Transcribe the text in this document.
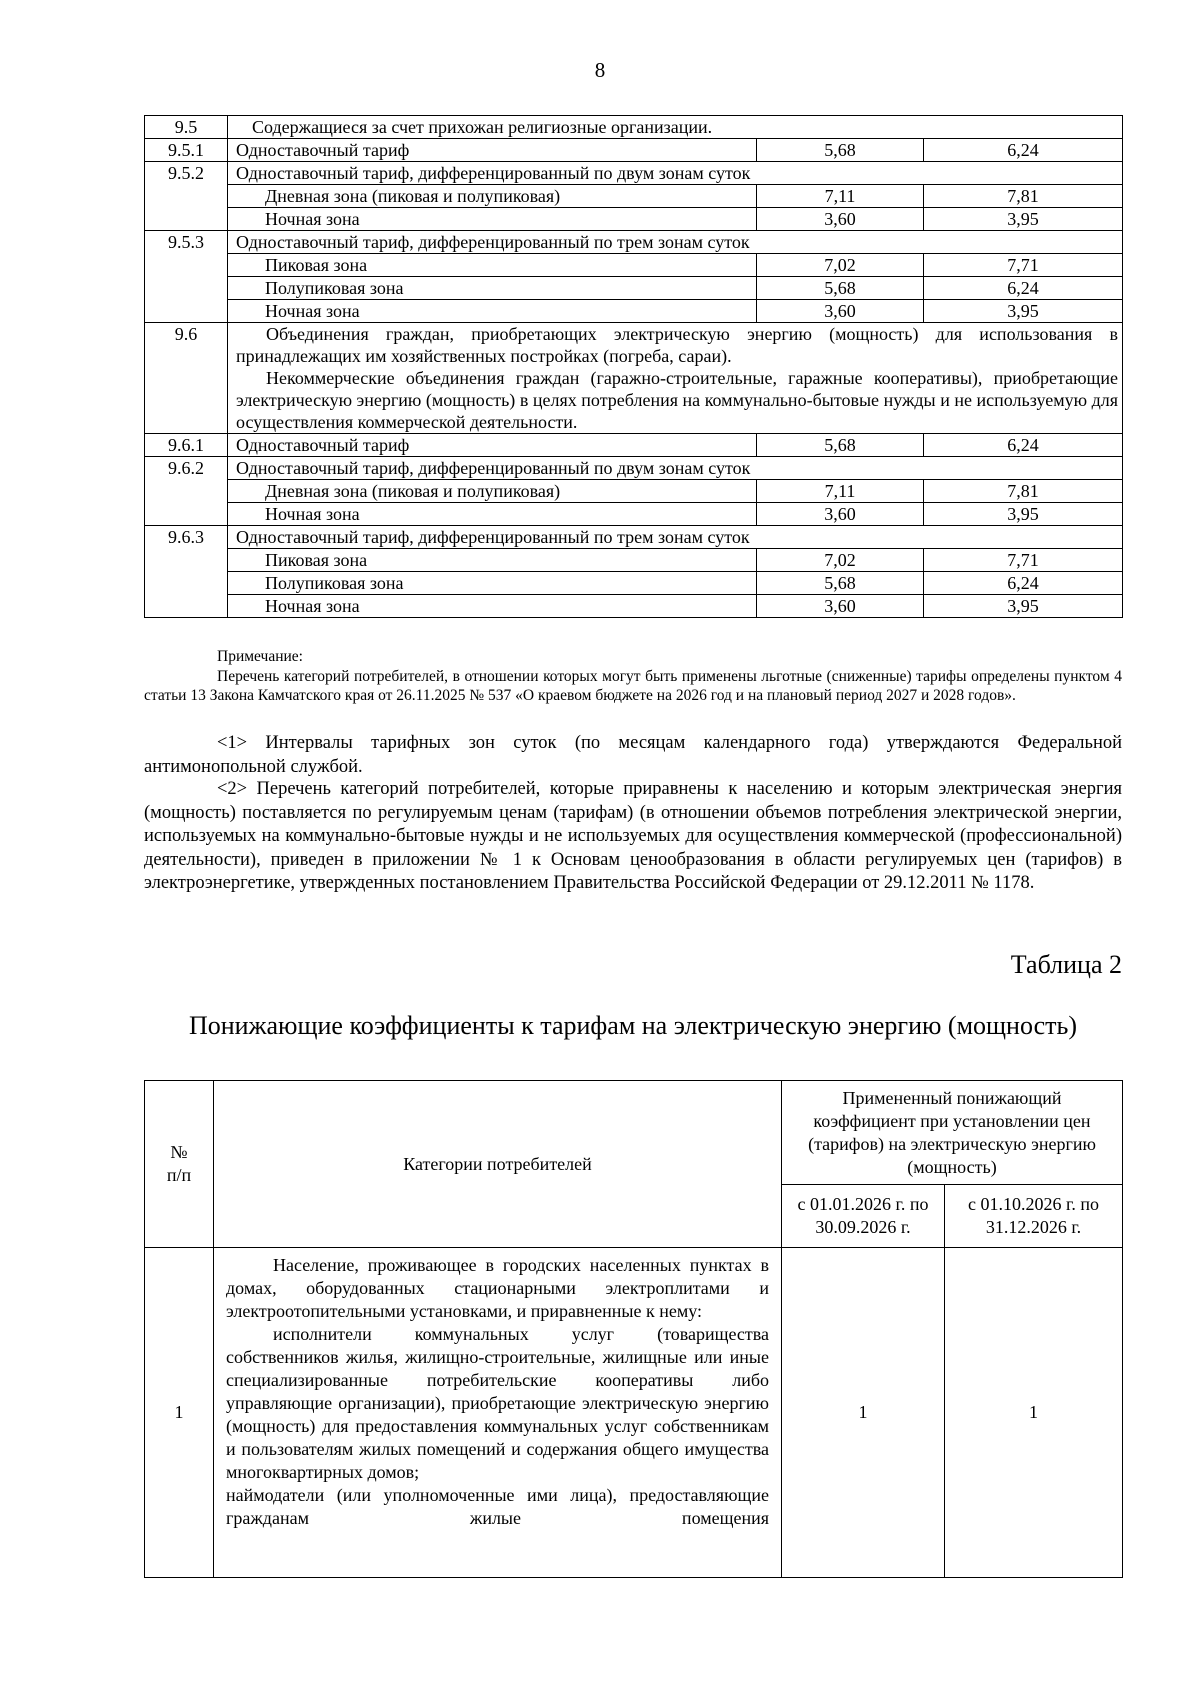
8
9.5	Содержащиеся за счет прихожан религиозные организации.		
9.5.1	Одноставочный тариф	5,68	6,24
9.5.2	Одноставочный тариф, дифференцированный по двум зонам суток		
	Дневная зона (пиковая и полупиковая)	7,11	7,81
	Ночная зона	3,60	3,95
9.5.3	Одноставочный тариф, дифференцированный по трем зонам суток		
	Пиковая зона	7,02	7,71
	Полупиковая зона	5,68	6,24
	Ночная зона	3,60	3,95
9.6	Объединения граждан, приобретающих электрическую энергию (мощность) для использования в принадлежащих им хозяйственных постройках (погреба, сараи).
Некоммерческие объединения граждан (гаражно-строительные, гаражные кооперативы), приобретающие электрическую энергию (мощность) в целях потребления на коммунально-бытовые нужды и не используемую для осуществления коммерческой деятельности.		

9.6.1	Одноставочный тариф	5,68	6,24
9.6.2	Одноставочный тариф, дифференцированный по двум зонам суток		
	Дневная зона (пиковая и полупиковая)	7,11	7,81
	Ночная зона	3,60	3,95
9.6.3	Одноставочный тариф, дифференцированный по трем зонам суток		
	Пиковая зона	7,02	7,71
	Полупиковая зона	5,68	6,24
	Ночная зона	3,60	3,95
Примечание:
Перечень категорий потребителей, в отношении которых могут быть применены льготные (сниженные) тарифы определены пунктом 4 статьи 13 Закона Камчатского края от 26.11.2025 № 537 «О краевом бюджете на 2026 год и на плановый период 2027 и 2028 годов».
<1> Интервалы тарифных зон суток (по месяцам календарного года) утверждаются Федеральной антимонопольной службой.
<2> Перечень категорий потребителей, которые приравнены к населению и которым электрическая энергия (мощность) поставляется по регулируемым ценам (тарифам) (в отношении объемов потребления электрической энергии, используемых на коммунально-бытовые нужды и не используемых для осуществления коммерческой (профессиональной) деятельности), приведен в приложении № 1 к Основам ценообразования в области регулируемых цен (тарифов) в электроэнергетике, утвержденных постановлением Правительства Российской Федерации от 29.12.2011 № 1178.
Таблица 2
Понижающие коэффициенты к тарифам на электрическую энергию (мощность)
№
п/п	Категории потребителей	Примененный понижающий коэффициент при установлении цен (тарифов) на электрическую энергию (мощность)	
		с 01.01.2026 г. по 30.09.2026 г.	с 01.10.2026 г. по 31.12.2026 г.
1	Население, проживающее в городских населенных пунктах в домах, оборудованных стационарными электроплитами и электроотопительными установками, и приравненные к нему:
исполнители коммунальных услуг (товарищества собственников жилья, жилищно-строительные, жилищные или иные специализированные потребительские кооперативы либо управляющие организации), приобретающие электрическую энергию (мощность) для предоставления коммунальных услуг собственникам и пользователям жилых помещений и содержания общего имущества многоквартирных домов;
наймодатели (или уполномоченные ими лица), предоставляющие гражданам жилые помещения	1	1
